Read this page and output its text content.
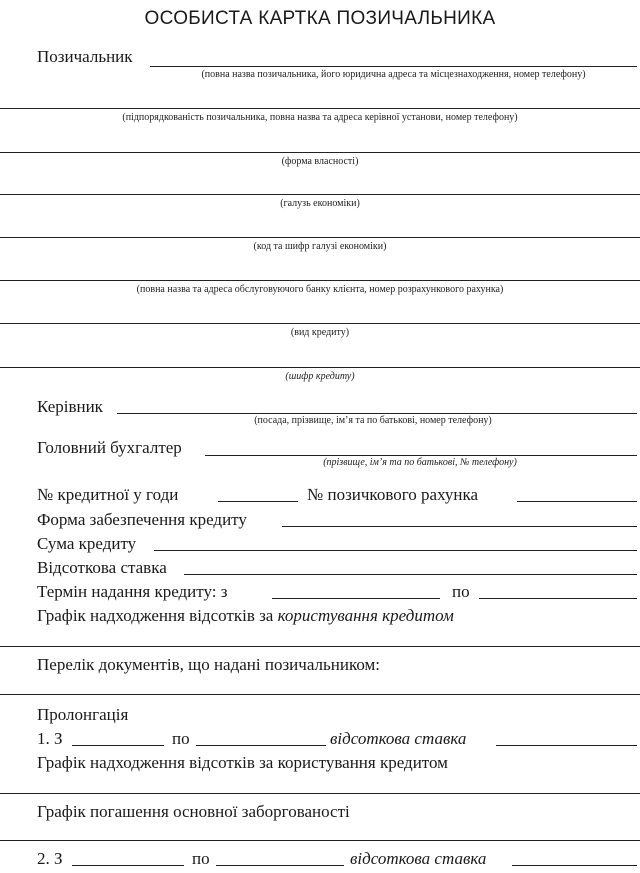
ОСОБИСТА КАРТКА ПОЗИЧАЛЬНИКА
Позичальник
(повна назва позичальника, його юридична адреса та місцезнаходження, номер телефону)
(підпорядкованість позичальника, повна назва та адреса керівної установи, номер телефону)
(форма власності)
(галузь економіки)
(код та шифр галузі економіки)
(повна назва та адреса обслуговуючого банку клієнта, номер розрахункового рахунка)
(вид кредиту)
(шифр кредиту)
Керівник
(посада, прізвище, ім’я та по батькові, номер телефону)
Головний бухгалтер
(прізвище, ім’я та по батькові, № телефону)
№ кредитної у годи	№ позичкового рахунка
Форма забезпечення кредиту
Сума кредиту
Відсоткова ставка
Термін надання кредиту: з	по
Графік надходження відсотків за користування кредитом
Перелік документів, що надані позичальником:
Пролонгація
1. З	по	відсоткова ставка
Графік надходження відсотків за користування кредитом
Графік погашення основної заборгованості
2. З	по	відсоткова ставка
